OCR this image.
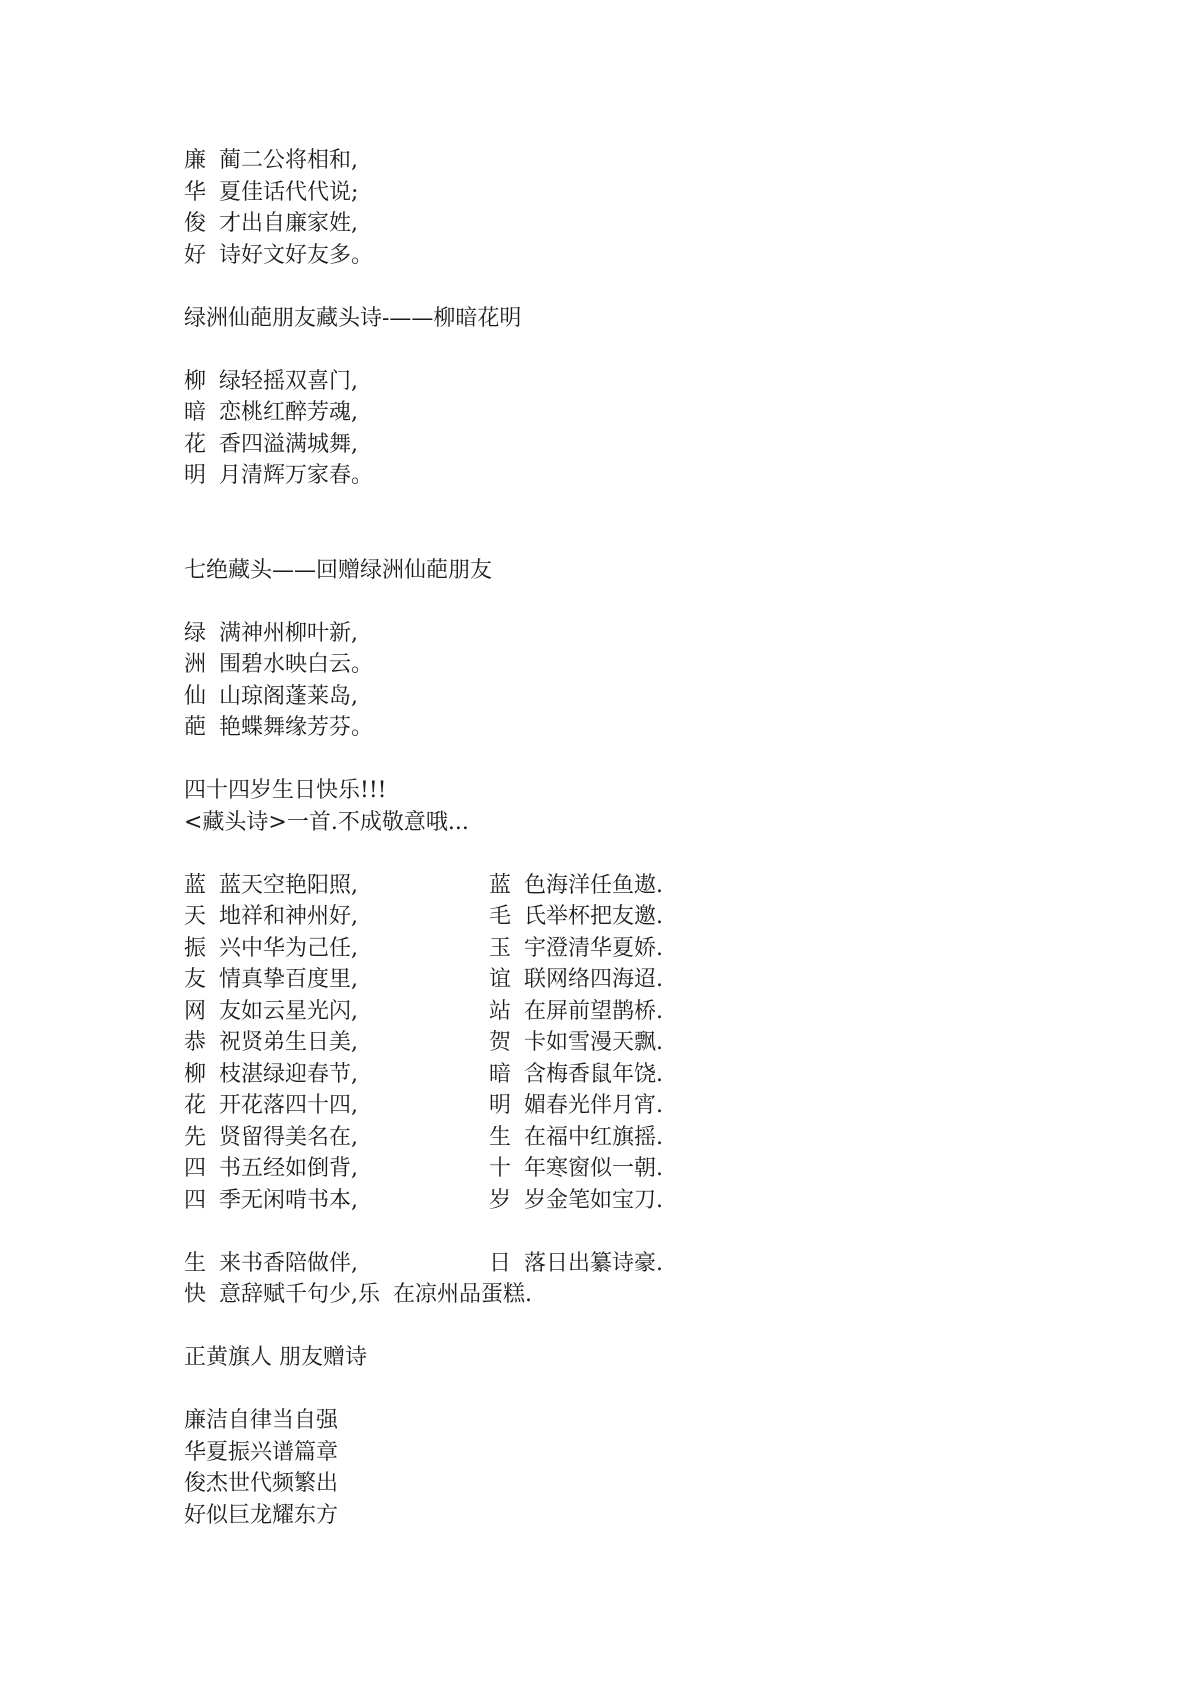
廉 蔺二公将相和,
华 夏佳话代代说;
俊 才出自廉家姓,
好 诗好文好友多。
绿洲仙葩朋友藏头诗-——柳暗花明
柳 绿轻摇双喜门,
暗 恋桃红醉芳魂,
花 香四溢满城舞,
明 月清辉万家春。
七绝藏头——回赠绿洲仙葩朋友
绿 满神州柳叶新,
洲 围碧水映白云。
仙 山琼阁蓬莱岛,
葩 艳蝶舞缘芳芬。
四十四岁生日快乐!!!
<藏头诗>一首.不成敬意哦...
蓝 蓝天空艳阳照,	蓝 色海洋任鱼遨.
天 地祥和神州好,	毛 氏举杯把友邀.
振 兴中华为己任,	玉 宇澄清华夏娇.
友 情真挚百度里,	谊 联网络四海迢.
网 友如云星光闪,	站 在屏前望鹊桥.
恭 祝贤弟生日美,	贺 卡如雪漫天飘.
柳 枝湛绿迎春节,	暗 含梅香鼠年饶.
花 开花落四十四,	明 媚春光伴月宵.
先 贤留得美名在,	生 在福中红旗摇.
四 书五经如倒背,	十 年寒窗似一朝.
四 季无闲啃书本,	岁 岁金笔如宝刀.
生 来书香陪做伴,	日 落日出纂诗豪.
快 意辞赋千句少, 乐 在凉州品蛋糕.
正黄旗人 朋友赠诗
廉洁自律当自强
华夏振兴谱篇章
俊杰世代频繁出
好似巨龙耀东方
